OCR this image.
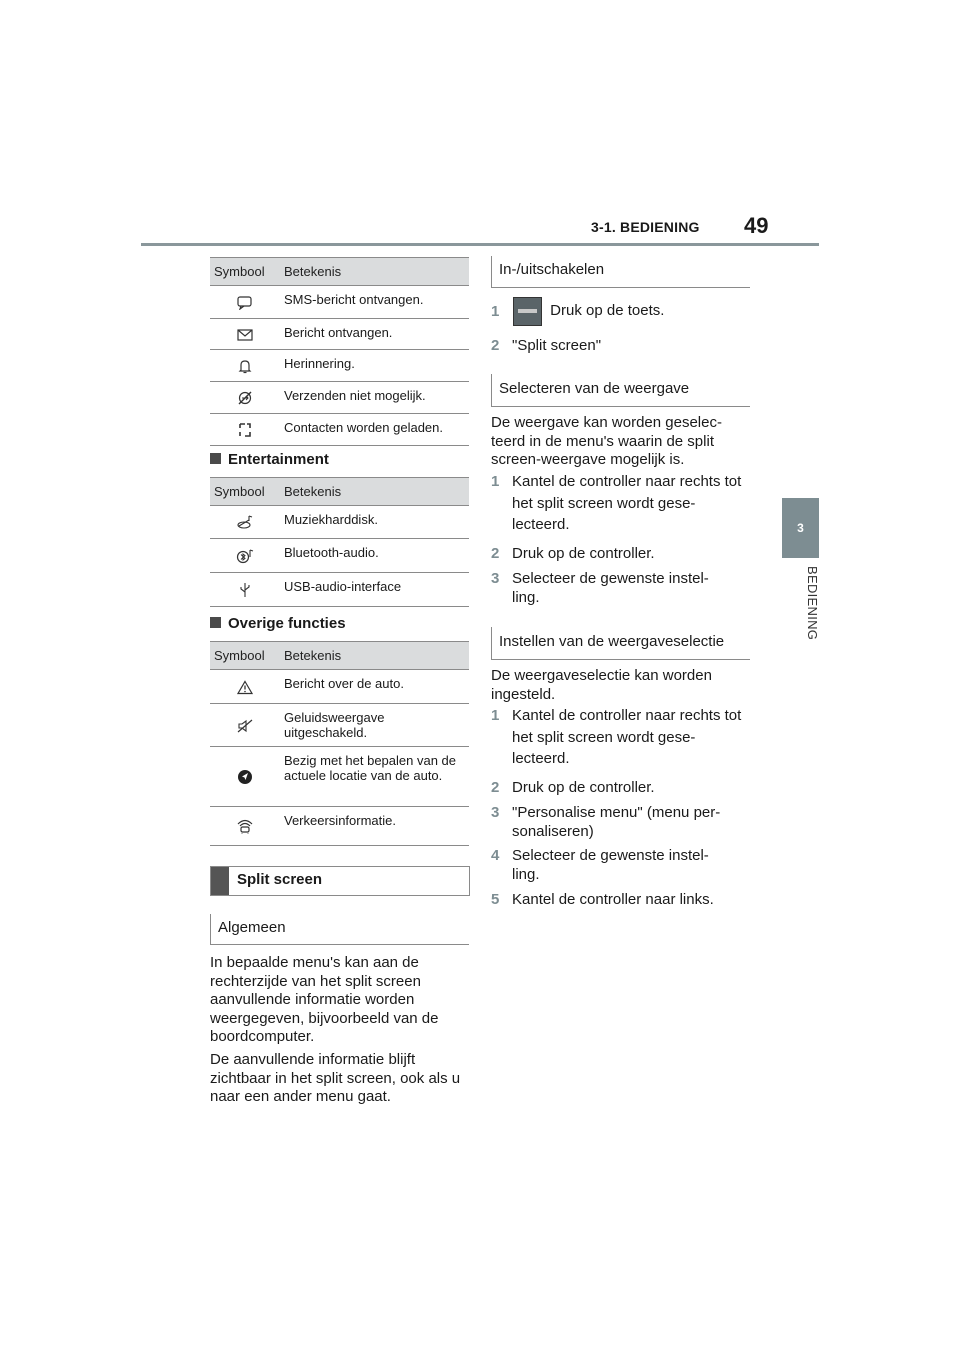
3-1. BEDIENING 49
3
BEDIENING
Symbool	Betekenis
	SMS-bericht ontvangen.
	Bericht ontvangen.
	Herinnering.
	Verzenden niet mogelijk.
	Contacten worden geladen.
Entertainment
Symbool	Betekenis
	Muziekharddisk.
	Bluetooth-audio.
	USB-audio-interface
Overige functies
Symbool	Betekenis
	Bericht over de auto.
	Geluidsweergave uitgeschakeld.
	Bezig met het bepalen van de actuele locatie van de auto.
	Verkeersinformatie.
Split screen
Algemeen
In bepaalde menu's kan aan de rechterzijde van het split screen aanvullende informatie worden weergegeven, bijvoorbeeld van de boordcomputer.
De aanvullende informatie blijft zichtbaar in het split screen, ook als u naar een ander menu gaat.
In-/uitschakelen
1	Druk op de toets.
2 "Split screen"
Selecteren van de weergave
De weergave kan worden geselec- teerd in de menu's waarin de split screen-weergave mogelijk is.
1 Kantel de controller naar rechts tot het split screen wordt gese- lecteerd.
2 Druk op de controller.
3 Selecteer de gewenste instel- ling.
Instellen van de weergaveselectie
De weergaveselectie kan worden ingesteld.
1 Kantel de controller naar rechts tot het split screen wordt gese- lecteerd.
2 Druk op de controller.
3 "Personalise menu" (menu per- sonaliseren)
4 Selecteer de gewenste instel- ling.
5 Kantel de controller naar links.
